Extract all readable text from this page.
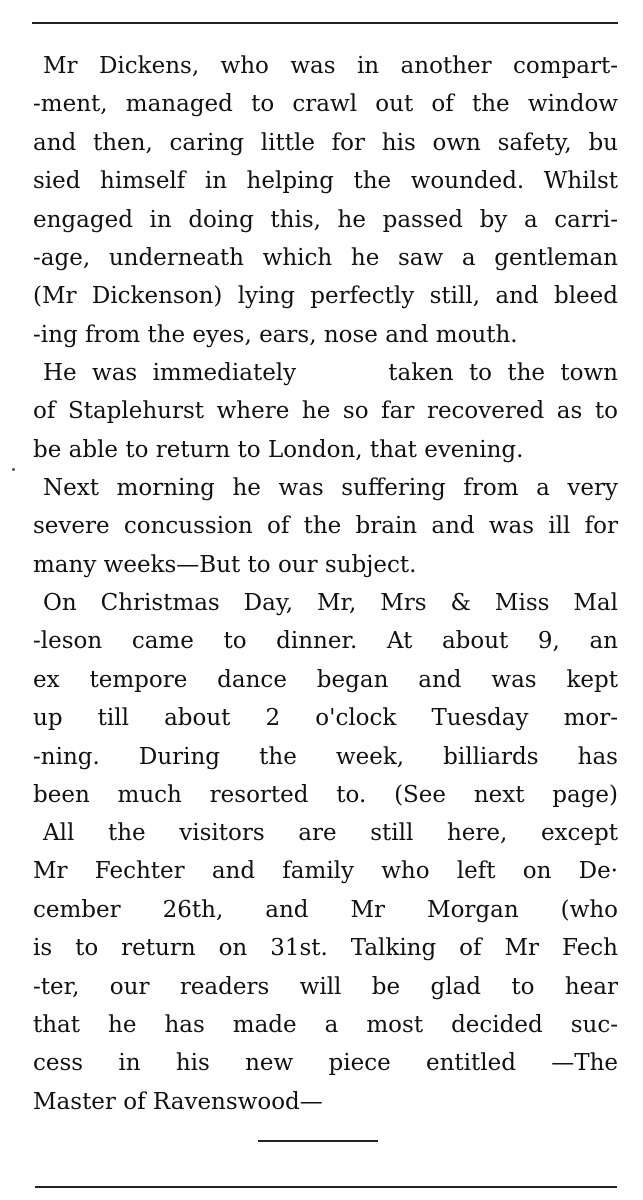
Mr Dickens, who was in another compart-
-ment, managed to crawl out of the window
and then, caring little for his own safety, bu
sied himself in helping the wounded. Whilst
engaged in doing this, he passed by a carri-
-age, underneath which he saw a gentleman
(Mr Dickenson) lying perfectly still, and bleed
-ing from the eyes, ears, nose and mouth.
He was immediately      taken to the town
of Staplehurst where he so far recovered as to
be able to return to London, that evening.
Next morning he was suffering from a very
severe concussion of the brain and was ill for
many weeks—But to our subject.
On Christmas Day, Mr, Mrs & Miss Mal
-leson came to dinner. At about 9, an
ex tempore dance began and was kept
up till about 2 o'clock Tuesday mor-
-ning. During the week, billiards has
been much resorted to. (See next page)
All the visitors are still here, except
Mr Fechter and family who left on De·
cember 26th, and Mr Morgan (who
is to return on 31st. Talking of Mr Fech
-ter, our readers will be glad to hear
that he has made a most decided suc-
cess in his new piece entitled —The
Master of Ravenswood—
